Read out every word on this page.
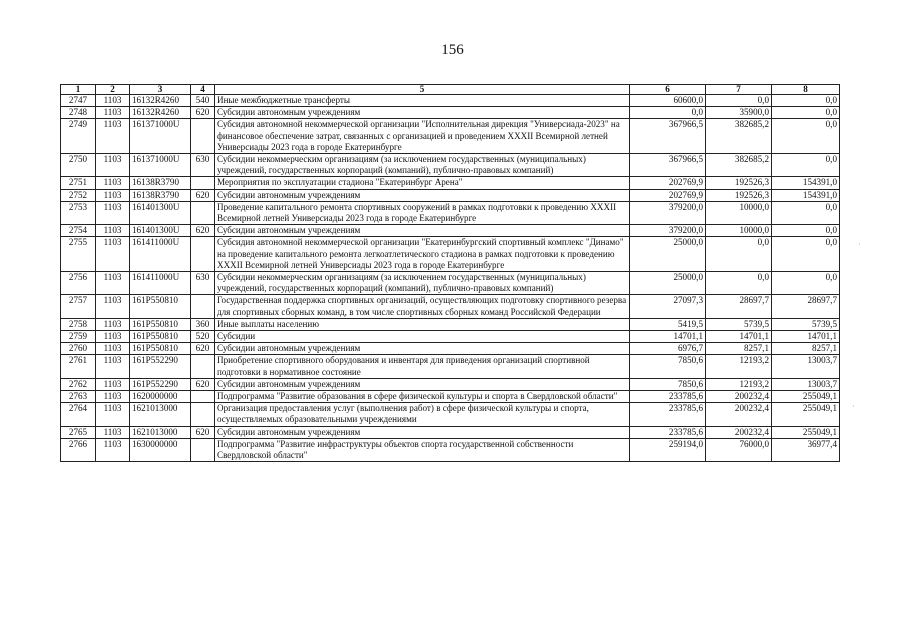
156
1	2	3	4	5	6	7	8
2747	1103	16132R4260	540	Иные межбюджетные трансферты	60600,0	0,0	0,0
2748	1103	16132R4260	620	Субсидии автономным учреждениям	0,0	35900,0	0,0
2749	1103	161371000U		Субсидия автономной некоммерческой организации "Исполнительная дирекция "Универсиада-2023" на финансовое обеспечение затрат, связанных с организацией и проведением XXXII Всемирной летней Универсиады 2023 года в городе Екатеринбурге	367966,5	382685,2	0,0
2750	1103	161371000U	630	Субсидии некоммерческим организациям (за исключением государственных (муниципальных) учреждений, государственных корпораций (компаний), публично-правовых компаний)	367966,5	382685,2	0,0
2751	1103	16138R3790		Мероприятия по эксплуатации стадиона "Екатеринбург Арена"	202769,9	192526,3	154391,0
2752	1103	16138R3790	620	Субсидии автономным учреждениям	202769,9	192526,3	154391,0
2753	1103	161401300U		Проведение капитального ремонта спортивных сооружений в рамках подготовки к проведению XXXII Всемирной летней Универсиады 2023 года в городе Екатеринбурге	379200,0	10000,0	0,0
2754	1103	161401300U	620	Субсидии автономным учреждениям	379200,0	10000,0	0,0
2755	1103	161411000U		Субсидия автономной некоммерческой организации "Екатеринбургский спортивный комплекс "Динамо" на проведение капитального ремонта легкоатлетического стадиона в рамках подготовки к проведению XXXII Всемирной летней Универсиады 2023 года в городе Екатеринбурге	25000,0	0,0	0,0
2756	1103	161411000U	630	Субсидии некоммерческим организациям (за исключением государственных (муниципальных) учреждений, государственных корпораций (компаний), публично-правовых компаний)	25000,0	0,0	0,0
2757	1103	161P550810		Государственная поддержка спортивных организаций, осуществляющих подготовку спортивного резерва для спортивных сборных команд, в том числе спортивных сборных команд Российской Федерации	27097,3	28697,7	28697,7
2758	1103	161P550810	360	Иные выплаты населению	5419,5	5739,5	5739,5
2759	1103	161P550810	520	Субсидии	14701,1	14701,1	14701,1
2760	1103	161P550810	620	Субсидии автономным учреждениям	6976,7	8257,1	8257,1
2761	1103	161P552290		Приобретение спортивного оборудования и инвентаря для приведения организаций спортивной подготовки в нормативное состояние	7850,6	12193,2	13003,7
2762	1103	161P552290	620	Субсидии автономным учреждениям	7850,6	12193,2	13003,7
2763	1103	1620000000		Подпрограмма "Развитие образования в сфере физической культуры и спорта в Свердловской области"	233785,6	200232,4	255049,1
2764	1103	1621013000		Организация предоставления услуг (выполнения работ) в сфере физической культуры и спорта, осуществляемых образовательными учреждениями	233785,6	200232,4	255049,1
2765	1103	1621013000	620	Субсидии автономным учреждениям	233785,6	200232,4	255049,1
2766	1103	1630000000		Подпрограмма "Развитие инфраструктуры объектов спорта государственной собственности Свердловской области"	259194,0	76000,0	36977,4
·
·
